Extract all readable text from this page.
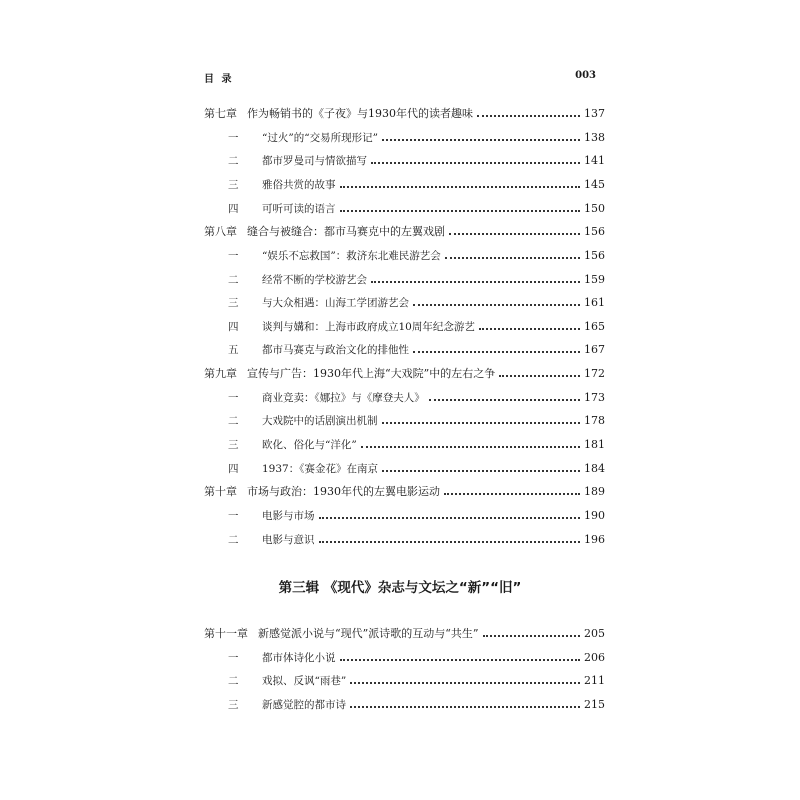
目 录	003
第七章 作为畅销书的《子夜》与1930年代的读者趣味	137
一	“过火”的“交易所现形记”	138
二	都市罗曼司与情欲描写	141
三	雅俗共赏的故事	145
四	可听可读的语言	150
第八章 缝合与被缝合：都市马赛克中的左翼戏剧	156
一	“娱乐不忘救国”：救济东北难民游艺会	156
二	经常不断的学校游艺会	159
三	与大众相遇：山海工学团游艺会	161
四	谈判与媾和：上海市政府成立10周年纪念游艺	165
五	都市马赛克与政治文化的排他性	167
第九章 宣传与广告：1930年代上海“大戏院”中的左右之争	172
一	商业竞卖：《娜拉》与《摩登夫人》	173
二	大戏院中的话剧演出机制	178
三	欧化、俗化与“洋化”	181
四	1937：《赛金花》在南京	184
第十章 市场与政治：1930年代的左翼电影运动	189
一	电影与市场	190
二	电影与意识	196
第三辑 《现代》杂志与文坛之“新”“旧”
第十一章 新感觉派小说与“现代”派诗歌的互动与“共生”	205
一	都市体诗化小说	206
二	戏拟、反讽“雨巷”	211
三	新感觉腔的都市诗	215
